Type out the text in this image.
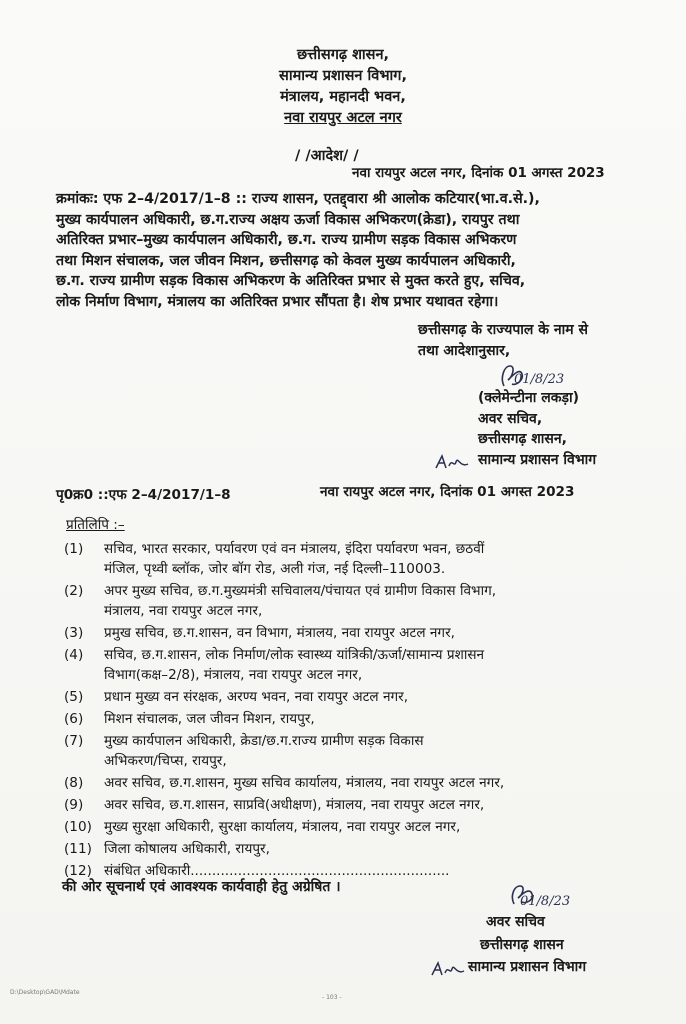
छत्तीसगढ़ शासन,
सामान्य प्रशासन विभाग,
मंत्रालय, महानदी भवन,
नवा रायपुर अटल नगर
/ /आदेश/ /
नवा रायपुर अटल नगर, दिनांक 01 अगस्त 2023
क्रमांकः: एफ 2–4/2017/1–8 :: राज्य शासन, एतद्द्वारा श्री आलोक कटियार(भा.व.से.),
मुख्य कार्यपालन अधिकारी, छ.ग.राज्य अक्षय ऊर्जा विकास अभिकरण(क्रेडा), रायपुर तथा
अतिरिक्त प्रभार–मुख्य कार्यपालन अधिकारी, छ.ग. राज्य ग्रामीण सड़क विकास अभिकरण
तथा मिशन संचालक, जल जीवन मिशन, छत्तीसगढ़ को केवल मुख्य कार्यपालन अधिकारी,
छ.ग. राज्य ग्रामीण सड़क विकास अभिकरण के अतिरिक्त प्रभार से मुक्त करते हुए, सचिव,
लोक निर्माण विभाग, मंत्रालय का अतिरिक्त प्रभार सौंपता है। शेष प्रभार यथावत रहेगा।
छत्तीसगढ़ के राज्यपाल के नाम से
तथा आदेशानुसार,
01/8/23
(क्लेमेन्टीना लकड़ा)
अवर सचिव,
छत्तीसगढ़ शासन,
सामान्य प्रशासन विभाग
पृ0क्र0 ::एफ 2–4/2017/1–8	नवा रायपुर अटल नगर, दिनांक 01 अगस्त 2023
प्रतिलिपि :–
(1)	सचिव, भारत सरकार, पर्यावरण एवं वन मंत्रालय, इंदिरा पर्यावरण भवन, छठवीं
मंजिल, पृथ्वी ब्लॉक, जोर बॉग रोड, अली गंज, नई दिल्ली–110003.
(2)	अपर मुख्य सचिव, छ.ग.मुख्यमंत्री सचिवालय/पंचायत एवं ग्रामीण विकास विभाग,
मंत्रालय, नवा रायपुर अटल नगर,
(3)	प्रमुख सचिव, छ.ग.शासन, वन विभाग, मंत्रालय, नवा रायपुर अटल नगर,
(4)	सचिव, छ.ग.शासन, लोक निर्माण/लोक स्वास्थ्य यांत्रिकी/ऊर्जा/सामान्य प्रशासन
विभाग(कक्ष–2/8), मंत्रालय, नवा रायपुर अटल नगर,
(5)	प्रधान मुख्य वन संरक्षक, अरण्य भवन, नवा रायपुर अटल नगर,
(6)	मिशन संचालक, जल जीवन मिशन, रायपुर,
(7)	मुख्य कार्यपालन अधिकारी, क्रेडा/छ.ग.राज्य ग्रामीण सड़क विकास
अभिकरण/चिप्स, रायपुर,
(8)	अवर सचिव, छ.ग.शासन, मुख्य सचिव कार्यालय, मंत्रालय, नवा रायपुर अटल नगर,
(9)	अवर सचिव, छ.ग.शासन, साप्रवि(अधीक्षण), मंत्रालय, नवा रायपुर अटल नगर,
(10) मुख्य सुरक्षा अधिकारी, सुरक्षा कार्यालय, मंत्रालय, नवा रायपुर अटल नगर,
(11) जिला कोषालय अधिकारी, रायपुर,
(12) संबंधित अधिकारी............................................................
की ओर सूचनार्थ एवं आवश्यक कार्यवाही हेतु अग्रेषित ।
01/8/23
अवर सचिव
छत्तीसगढ़ शासन
सामान्य प्रशासन विभाग
D:\Desktop\GAD\Mdate
- 103 -
